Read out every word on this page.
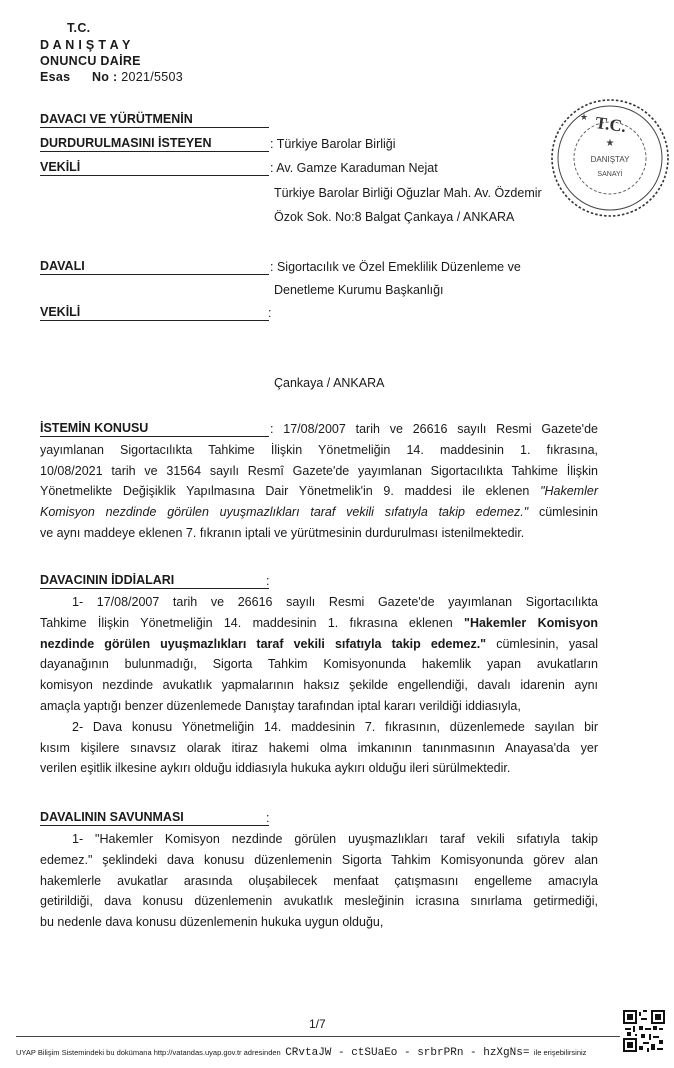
T.C.
D A N I Ş T A Y
ONUNCU DAİRE
Esas No : 2021/5503
T.C.
DANIŞTAY
SANAYİ
★
★
DAVACI VE YÜRÜTMENİN
DURDURULMASINI İSTEYEN	: Türkiye Barolar Birliği
VEKİLİ	: Av. Gamze Karaduman Nejat
Türkiye Barolar Birliği Oğuzlar Mah. Av. Özdemir
Özok Sok. No:8 Balgat Çankaya / ANKARA
DAVALI	: Sigortacılık ve Özel Emeklilik Düzenleme ve
Denetleme Kurumu Başkanlığı
VEKİLİ	:
Çankaya / ANKARA
İSTEMİN KONUSU	: 17/08/2007 tarih ve 26616 sayılı Resmi Gazete'de
yayımlanan Sigortacılıkta Tahkime İlişkin Yönetmeliğin 14. maddesinin 1. fıkrasına,
10/08/2021 tarih ve 31564 sayılı Resmî Gazete'de yayımlanan Sigortacılıkta Tahkime İlişkin
Yönetmelikte Değişiklik Yapılmasına Dair Yönetmelik'in 9. maddesi ile eklenen "Hakemler
Komisyon nezdinde görülen uyuşmazlıkları taraf vekili sıfatıyla takip edemez." cümlesinin
ve aynı maddeye eklenen 7. fıkranın iptali ve yürütmesinin durdurulması istenilmektedir.
DAVACININ İDDİALARI	:
1- 17/08/2007 tarih ve 26616 sayılı Resmi Gazete'de yayımlanan Sigortacılıkta
Tahkime İlişkin Yönetmeliğin 14. maddesinin 1. fıkrasına eklenen "Hakemler Komisyon
nezdinde görülen uyuşmazlıkları taraf vekili sıfatıyla takip edemez." cümlesinin, yasal
dayanağının bulunmadığı, Sigorta Tahkim Komisyonunda hakemlik yapan avukatların
komisyon nezdinde avukatlık yapmalarının haksız şekilde engellendiği, davalı idarenin aynı
amaçla yaptığı benzer düzenlemede Danıştay tarafından iptal kararı verildiği iddiasıyla,
2- Dava konusu Yönetmeliğin 14. maddesinin 7. fıkrasının, düzenlemede sayılan bir
kısım kişilere sınavsız olarak itiraz hakemi olma imkanının tanınmasının Anayasa'da yer
verilen eşitlik ilkesine aykırı olduğu iddiasıyla hukuka aykırı olduğu ileri sürülmektedir.
DAVALININ SAVUNMASI	:
1- "Hakemler Komisyon nezdinde görülen uyuşmazlıkları taraf vekili sıfatıyla takip
edemez." şeklindeki dava konusu düzenlemenin Sigorta Tahkim Komisyonunda görev alan
hakemlerle avukatlar arasında oluşabilecek menfaat çatışmasını engelleme amacıyla
getirildiği, dava konusu düzenlemenin avukatlık mesleğinin icrasına sınırlama getirmediği,
bu nedenle dava konusu düzenlemenin hukuka uygun olduğu,
1/7
UYAP Bilişim Sistemindeki bu dokümana http://vatandas.uyap.gov.tr adresinden CRvtaJW - ctSUaEo - srbrPRn - hzXgNs= ile erişebilirsiniz
